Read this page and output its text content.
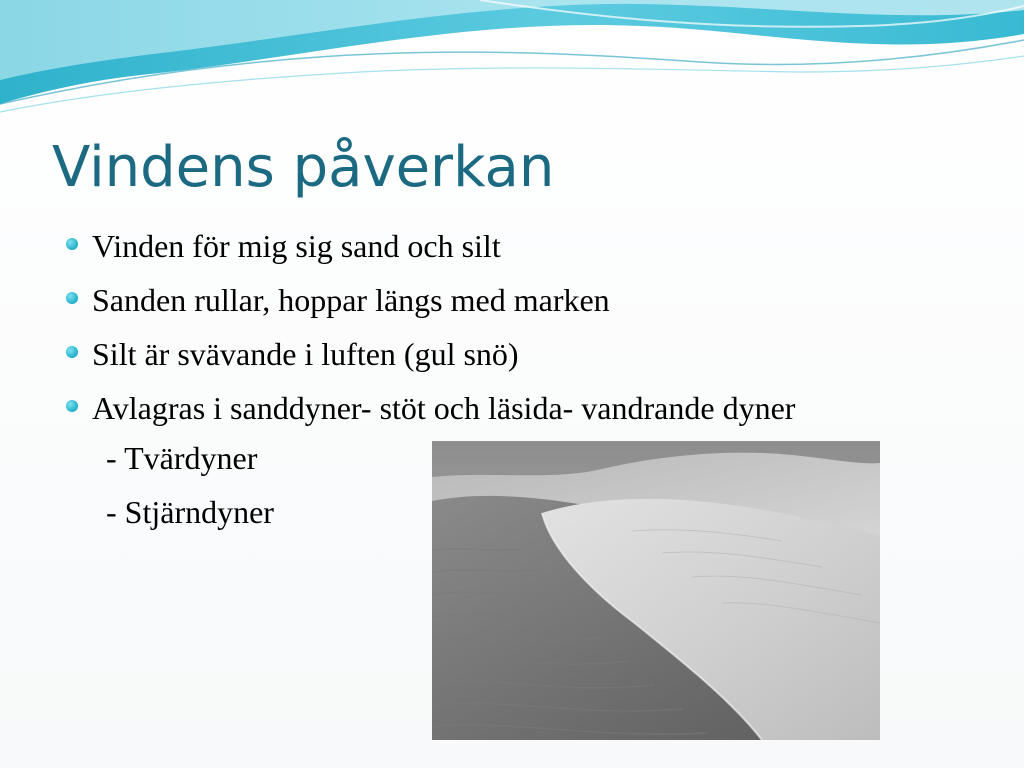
Vindens påverkan
Vinden för mig sig sand och silt
Sanden rullar, hoppar längs med marken
Silt är svävande i luften (gul snö)
Avlagras i sanddyner- stöt och läsida- vandrande dyner
- Tvärdyner
- Stjärndyner
